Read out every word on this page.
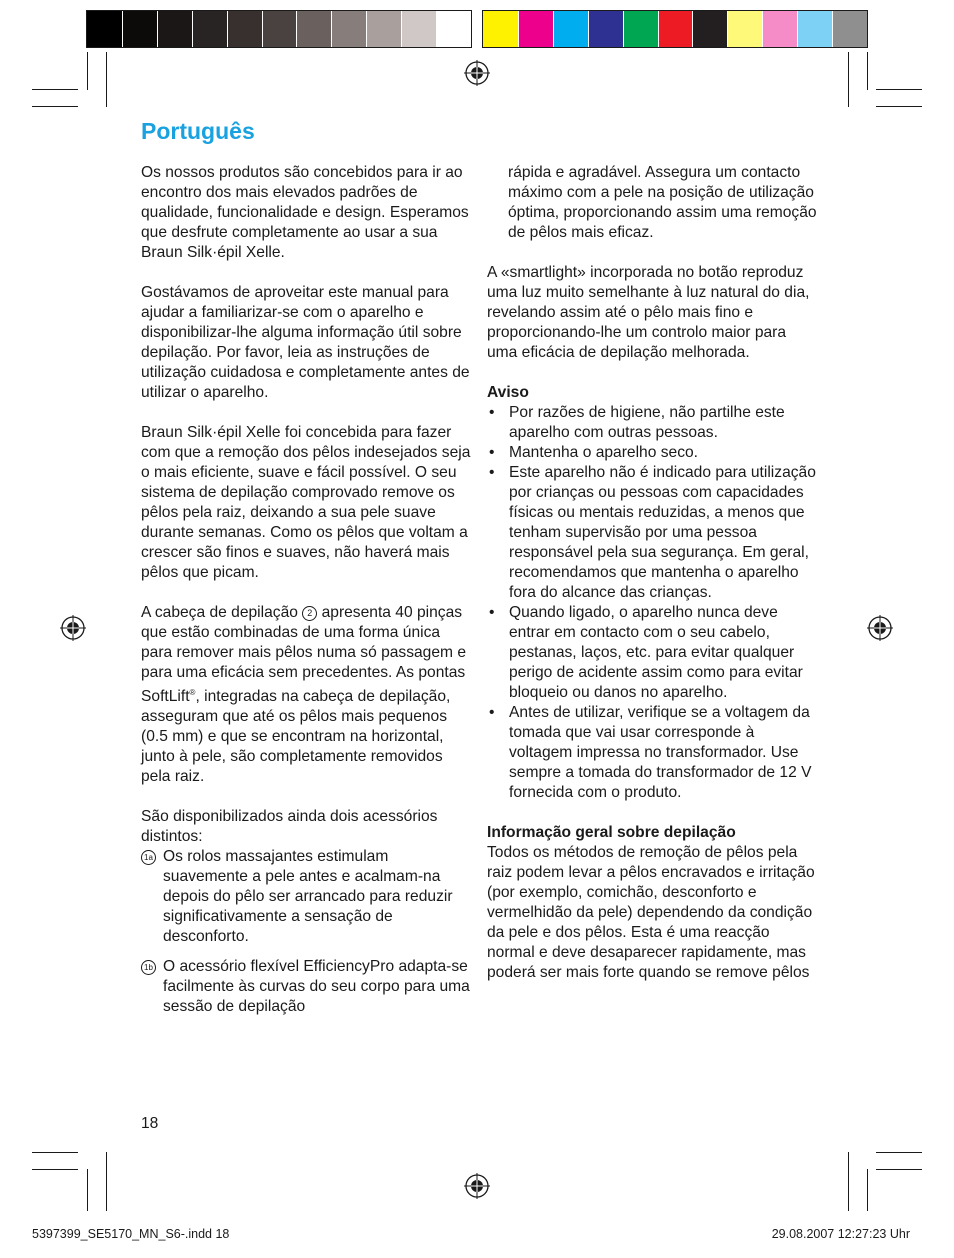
Português

Os nossos produtos são concebidos para ir ao encontro dos mais elevados padrões de qualidade, funcionalidade e design. Esperamos que desfrute completamente ao usar a sua Braun Silk·épil Xelle.

Gostávamos de aproveitar este manual para ajudar a familiarizar-se com o aparelho e disponibilizar-lhe alguma informação útil sobre depilação. Por favor, leia as instruções de utilização cuidadosa e completamente antes de utilizar o aparelho.

Braun Silk·épil Xelle foi concebida para fazer com que a remoção dos pêlos indesejados seja o mais eficiente, suave e fácil possível. O seu sistema de depilação comprovado remove os pêlos pela raiz, deixando a sua pele suave durante semanas. Como os pêlos que voltam a crescer são finos e suaves, não haverá mais pêlos que picam.

A cabeça de depilação 2 apresenta 40 pinças que estão combinadas de uma forma única para remover mais pêlos numa só passagem e para uma eficácia sem precedentes. As pontas SoftLift®, integradas na cabeça de depilação, asseguram que até os pêlos mais pequenos (0.5 mm) e que se encontram na horizontal, junto à pele, são completamente removidos pela raiz.

São disponibilizados ainda dois acessórios distintos:

1a Os rolos massajantes estimulam suavemente a pele antes e acalmam-na depois do pêlo ser arrancado para reduzir significativamente a sensação de desconforto.
1b O acessório flexível EfficiencyPro adapta-se facilmente às curvas do seu corpo para uma sessão de depilação

rápida e agradável. Assegura um contacto máximo com a pele na posição de utilização óptima, proporcionando assim uma remoção de pêlos mais eficaz.

A «smartlight» incorporada no botão reproduz uma luz muito semelhante à luz natural do dia, revelando assim até o pêlo mais fino e proporcionando-lhe um controlo maior para uma eficácia de depilação melhorada.

Aviso

• Por razões de higiene, não partilhe este aparelho com outras pessoas.
• Mantenha o aparelho seco.
• Este aparelho não é indicado para utilização por crianças ou pessoas com capacidades físicas ou mentais reduzidas, a menos que tenham supervisão por uma pessoa responsável pela sua segurança. Em geral, recomendamos que mantenha o aparelho fora do alcance das crianças.
• Quando ligado, o aparelho nunca deve entrar em contacto com o seu cabelo, pestanas, laços, etc. para evitar qualquer perigo de acidente assim como para evitar bloqueio ou danos no aparelho.
• Antes de utilizar, verifique se a voltagem da tomada que vai usar corresponde à voltagem impressa no transformador. Use sempre a tomada do transformador de 12 V fornecida com o produto.

Informação geral sobre depilação

Todos os métodos de remoção de pêlos pela raiz podem levar a pêlos encravados e irritação (por exemplo, comichão, desconforto e vermelhidão da pele) dependendo da condição da pele e dos pêlos. Esta é uma reacção normal e deve desaparecer rapidamente, mas poderá ser mais forte quando se remove pêlos

18
5397399_SE5170_MN_S6-.indd 18	29.08.2007 12:27:23 Uhr
